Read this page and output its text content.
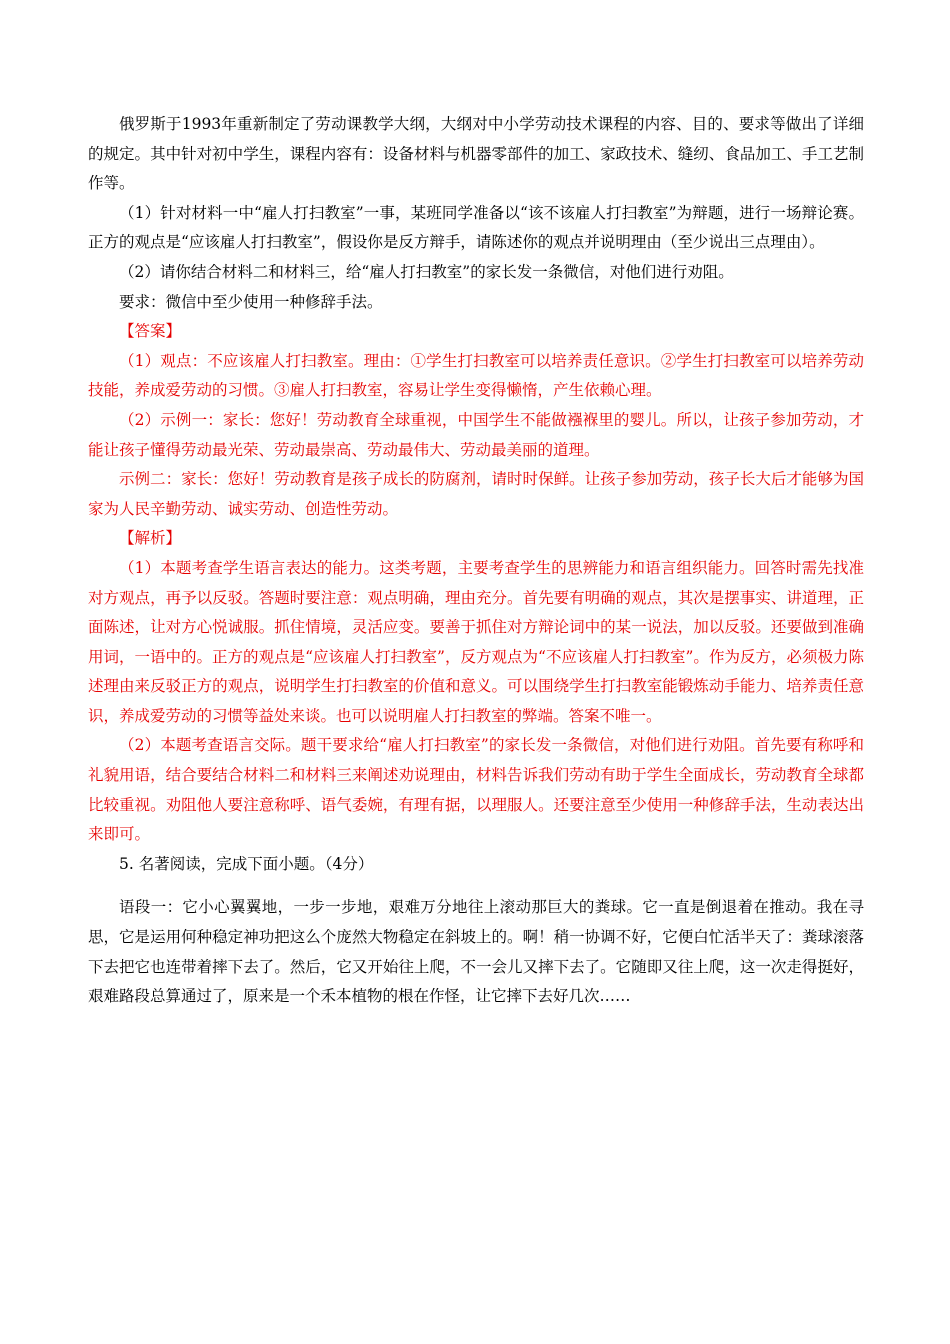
俄罗斯于1993年重新制定了劳动课教学大纲，大纲对中小学劳动技术课程的内容、目的、要求等做出了详细的规定。其中针对初中学生，课程内容有：设备材料与机器零部件的加工、家政技术、缝纫、食品加工、手工艺制作等。

（1）针对材料一中“雇人打扫教室”一事，某班同学准备以“该不该雇人打扫教室”为辩题，进行一场辩论赛。正方的观点是“应该雇人打扫教室”，假设你是反方辩手，请陈述你的观点并说明理由（至少说出三点理由）。

（2）请你结合材料二和材料三，给“雇人打扫教室”的家长发一条微信，对他们进行劝阻。

要求：微信中至少使用一种修辞手法。

【答案】

（1）观点：不应该雇人打扫教室。理由：①学生打扫教室可以培养责任意识。②学生打扫教室可以培养劳动技能，养成爱劳动的习惯。③雇人打扫教室，容易让学生变得懒惰，产生依赖心理。

（2）示例一：家长：您好！劳动教育全球重视，中国学生不能做襁褓里的婴儿。所以，让孩子参加劳动，才能让孩子懂得劳动最光荣、劳动最崇高、劳动最伟大、劳动最美丽的道理。

示例二：家长：您好！劳动教育是孩子成长的防腐剂，请时时保鲜。让孩子参加劳动，孩子长大后才能够为国家为人民辛勤劳动、诚实劳动、创造性劳动。

【解析】

（1）本题考查学生语言表达的能力。这类考题，主要考查学生的思辨能力和语言组织能力。回答时需先找准对方观点，再予以反驳。答题时要注意：观点明确，理由充分。首先要有明确的观点，其次是摆事实、讲道理，正面陈述，让对方心悦诚服。抓住情境，灵活应变。要善于抓住对方辩论词中的某一说法，加以反驳。还要做到准确用词，一语中的。正方的观点是“应该雇人打扫教室”，反方观点为“不应该雇人打扫教室”。作为反方，必须极力陈述理由来反驳正方的观点，说明学生打扫教室的价值和意义。可以围绕学生打扫教室能锻炼动手能力、培养责任意识，养成爱劳动的习惯等益处来谈。也可以说明雇人打扫教室的弊端。答案不唯一。

（2）本题考查语言交际。题干要求给“雇人打扫教室”的家长发一条微信，对他们进行劝阻。首先要有称呼和礼貌用语，结合要结合材料二和材料三来阐述劝说理由，材料告诉我们劳动有助于学生全面成长，劳动教育全球都比较重视。劝阻他人要注意称呼、语气委婉，有理有据，以理服人。还要注意至少使用一种修辞手法，生动表达出来即可。

5. 名著阅读，完成下面小题。（4分）

语段一：它小心翼翼地，一步一步地，艰难万分地往上滚动那巨大的粪球。它一直是倒退着在推动。我在寻思，它是运用何种稳定神功把这么个庞然大物稳定在斜坡上的。啊！稍一协调不好，它便白忙活半天了：粪球滚落下去把它也连带着摔下去了。然后，它又开始往上爬，不一会儿又摔下去了。它随即又往上爬，这一次走得挺好，艰难路段总算通过了，原来是一个禾本植物的根在作怪，让它摔下去好几次……
